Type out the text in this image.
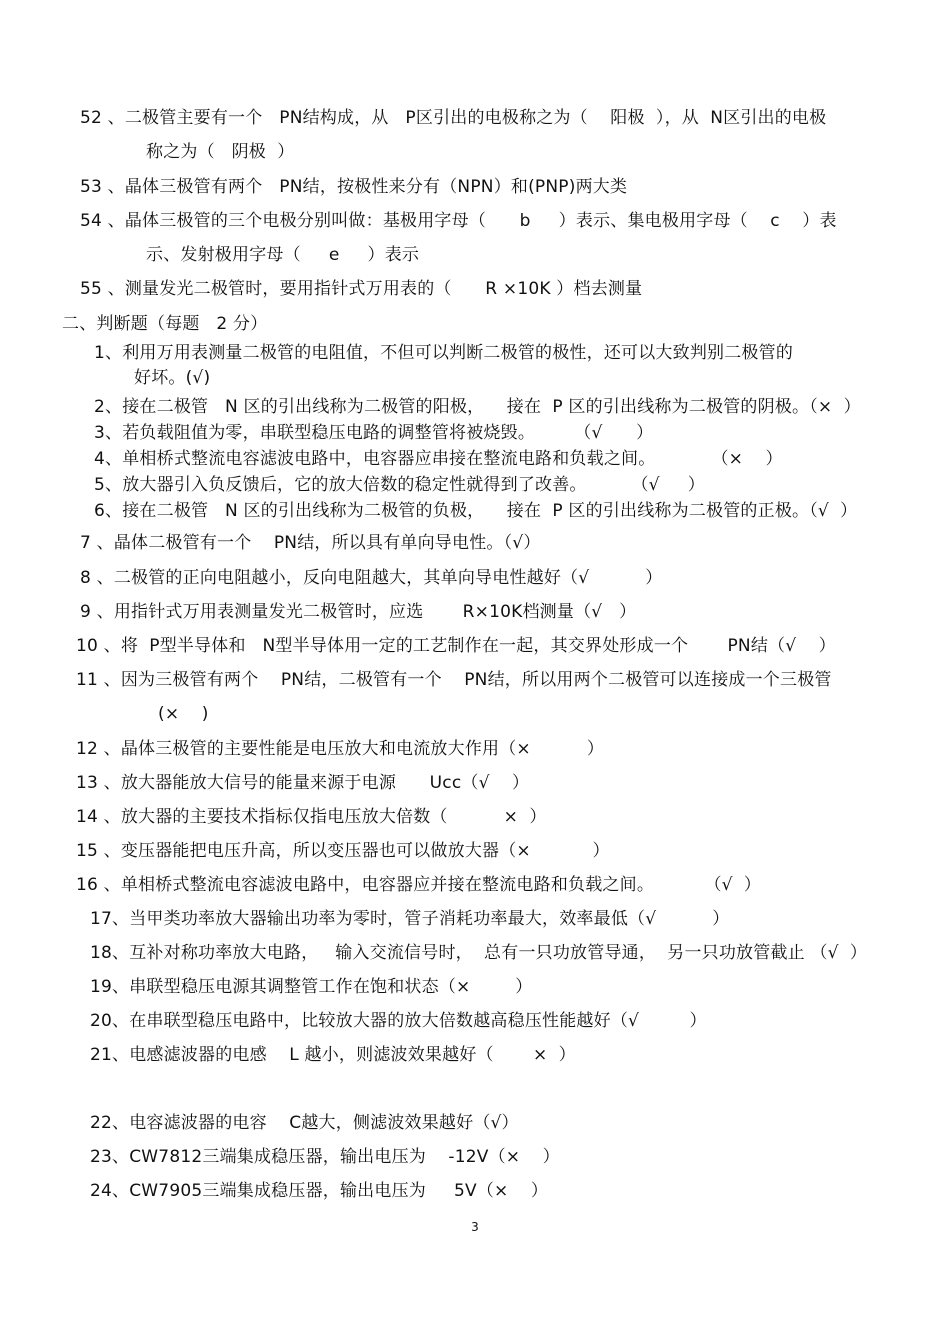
52 、二极管主要有一个   PN结构成，从   P区引出的电极称之为（    阳极  ），从  N区引出的电极
称之为（   阴极  ）
53 、晶体三极管有两个   PN结，按极性来分有（NPN）和(PNP)两大类
54 、晶体三极管的三个电极分别叫做：基极用字母（      b     ）表示、集电极用字母（    c    ）表
示、发射极用字母（     e     ）表示
55 、测量发光二极管时，要用指针式万用表的（      R ×10K ）档去测量
二、判断题（每题   2 分）
1、利用万用表测量二极管的电阻值，不但可以判断二极管的极性，还可以大致判别二极管的
好坏。(√)
2、接在二极管   N 区的引出线称为二极管的阳极，    接在  P 区的引出线称为二极管的阴极。（×  ）
3、若负载阻值为零，串联型稳压电路的调整管将被烧毁。       （√      ）
4、单相桥式整流电容滤波电路中，电容器应串接在整流电路和负载之间。          （×    ）
5、放大器引入负反馈后，它的放大倍数的稳定性就得到了改善。        （√     ）
6、接在二极管   N 区的引出线称为二极管的负极，    接在  P 区的引出线称为二极管的正极。（√  ）
7 、晶体二极管有一个    PN结，所以具有单向导电性。（√）
8 、二极管的正向电阻越小，反向电阻越大，其单向导电性越好（√          ）
9 、用指针式万用表测量发光二极管时，应选       R×10K档测量（√   ）
10 、将  P型半导体和   N型半导体用一定的工艺制作在一起，其交界处形成一个       PN结（√    ）
11 、因为三极管有两个    PN结，二极管有一个    PN结，所以用两个二极管可以连接成一个三极管
(×    )
12 、晶体三极管的主要性能是电压放大和电流放大作用（×          ）
13 、放大器能放大信号的能量来源于电源      Ucc（√    ）
14 、放大器的主要技术指标仅指电压放大倍数（          ×  ）
15 、变压器能把电压升高，所以变压器也可以做放大器（×           ）
16 、单相桥式整流电容滤波电路中，电容器应并接在整流电路和负载之间。         （√  ）
17、当甲类功率放大器输出功率为零时，管子消耗功率最大，效率最低（√          ）
18、互补对称功率放大电路，   输入交流信号时，  总有一只功放管导通，  另一只功放管截止 （√  ）
19、串联型稳压电源其调整管工作在饱和状态（×        ）
20、在串联型稳压电路中，比较放大器的放大倍数越高稳压性能越好（√         ）
21、电感滤波器的电感    L 越小，则滤波效果越好（       ×  ）
22、电容滤波器的电容    C越大，侧滤波效果越好（√）
23、CW7812三端集成稳压器，输出电压为    -12V（×    ）
24、CW7905三端集成稳压器，输出电压为     5V（×    ）
3
